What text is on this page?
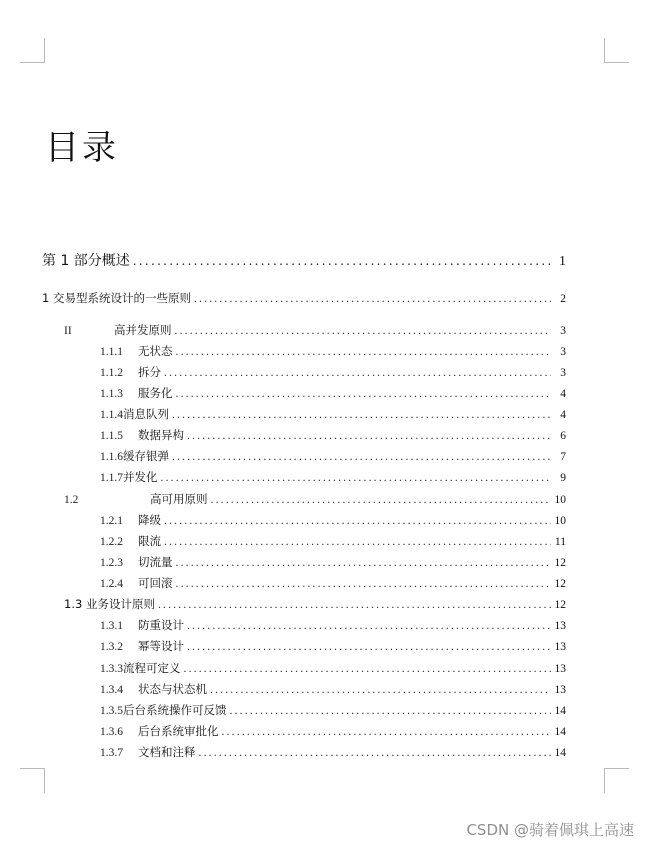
目录
第 1 部分概述 .....	1
1 交易型系统设计的一些原则 .....	2
II	高并发原则 .....	3
1.1.1	无状态 .....	3
1.1.2	拆分 .....	3
1.1.3	服务化 .....	4
1.1.4 消息队列 .....	4
1.1.5	数据异构 .....	6
1.1.6 缓存银弹 .....	7
1.1.7 并发化 .....	9
1.2	高可用原则 .....	10
1.2.1	降级 .....	10
1.2.2	限流 .....	11
1.2.3	切流量 .....	12
1.2.4	可回滚 .....	12
1.3 业务设计原则 .....	12
1.3.1	防重设计 .....	13
1.3.2	幂等设计 .....	13
1.3.3 流程可定义 .....	13
1.3.4	状态与状态机 .....	13
1.3.5 后台系统操作可反馈 .....	14
1.3.6	后台系统审批化 .....	14
1.3.7	文档和注释 .....	14
CSDN @骑着佩琪上高速
